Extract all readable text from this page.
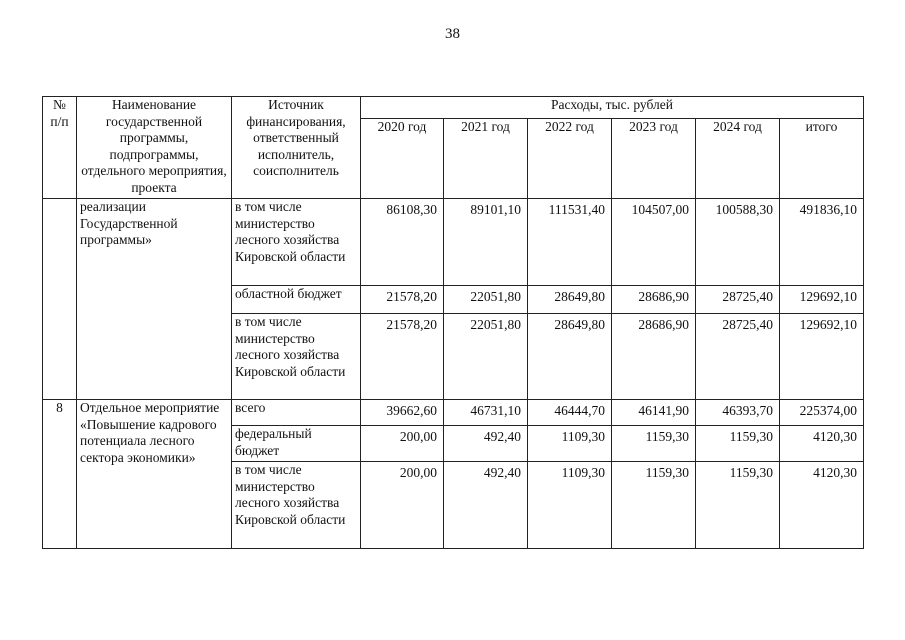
38
№ п/п	Наименование государственной программы, подпрограммы, отдельного мероприятия, проекта	Источник финансирования, ответственный исполнитель, соисполнитель	Расходы, тыс. рублей					
			2020 год	2021 год	2022 год	2023 год	2024 год	итого
	реализации Государственной программы»	в том числе министерство лесного хозяйства Кировской области	86108,30	89101,10	111531,40	104507,00	100588,30	491836,10
		областной бюджет	21578,20	22051,80	28649,80	28686,90	28725,40	129692,10
		в том числе министерство лесного хозяйства Кировской области	21578,20	22051,80	28649,80	28686,90	28725,40	129692,10
8	Отдельное мероприятие «Повышение кадрового потенциала лесного сектора экономики»	всего	39662,60	46731,10	46444,70	46141,90	46393,70	225374,00
		федеральный бюджет	200,00	492,40	1109,30	1159,30	1159,30	4120,30
		в том числе министерство лесного хозяйства Кировской области	200,00	492,40	1109,30	1159,30	1159,30	4120,30
